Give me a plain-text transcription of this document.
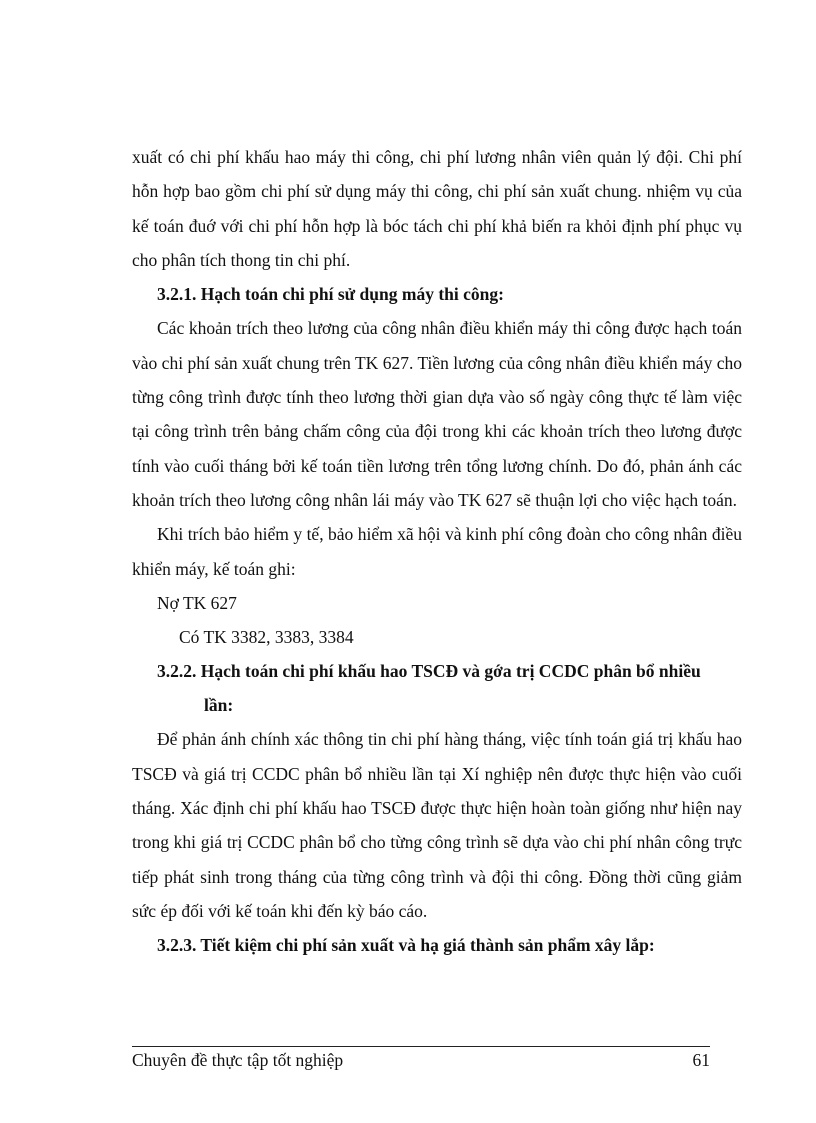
xuất có chi phí khấu hao máy thi công, chi phí lương nhân viên quản lý đội. Chi phí hỗn hợp bao gồm chi phí sử dụng máy thi công, chi phí sản xuất chung. nhiệm vụ của kế toán đuớ với chi phí hỗn hợp là bóc tách chi phí khả biến ra khỏi định phí phục vụ cho phân tích thong tin chi phí.

3.2.1. Hạch toán chi phí sử dụng máy thi công:

Các khoản trích theo lương của công nhân điều khiển máy thi công được hạch toán vào chi phí sản xuất chung trên TK 627. Tiền lương của công nhân điều khiển máy cho từng công trình được tính theo lương thời gian dựa vào số ngày công thực tế làm việc tại công trình trên bảng chấm công của đội trong khi các khoản trích theo lương được tính vào cuối tháng bởi kế toán tiền lương trên tổng lương chính. Do đó, phản ánh các khoản trích theo lương công nhân lái máy vào TK 627 sẽ thuận lợi cho việc hạch toán.

Khi trích bảo hiểm y tế, bảo hiểm xã hội và kinh phí công đoàn cho công nhân điều khiển máy, kế toán ghi:

Nợ TK 627

Có TK 3382, 3383, 3384

3.2.2. Hạch toán chi phí khấu hao TSCĐ và gớa trị CCDC phân bổ nhiều
lần:

Để phản ánh chính xác thông tin chi phí hàng tháng, việc tính toán giá trị khấu hao TSCĐ và giá trị CCDC phân bổ nhiều lần tại Xí nghiệp nên được thực hiện vào cuối tháng. Xác định chi phí khấu hao TSCĐ được thực hiện hoàn toàn giống như hiện nay trong khi giá trị CCDC phân bổ cho từng công trình sẽ dựa vào chi phí nhân công trực tiếp phát sinh trong tháng của từng công trình và đội thi công. Đồng thời cũng giảm sức ép đối với kế toán khi đến kỳ báo cáo.

3.2.3. Tiết kiệm chi phí sản xuất và hạ giá thành sản phẩm xây lắp:

Chuyên đề thực tập tốt nghiệp	61
